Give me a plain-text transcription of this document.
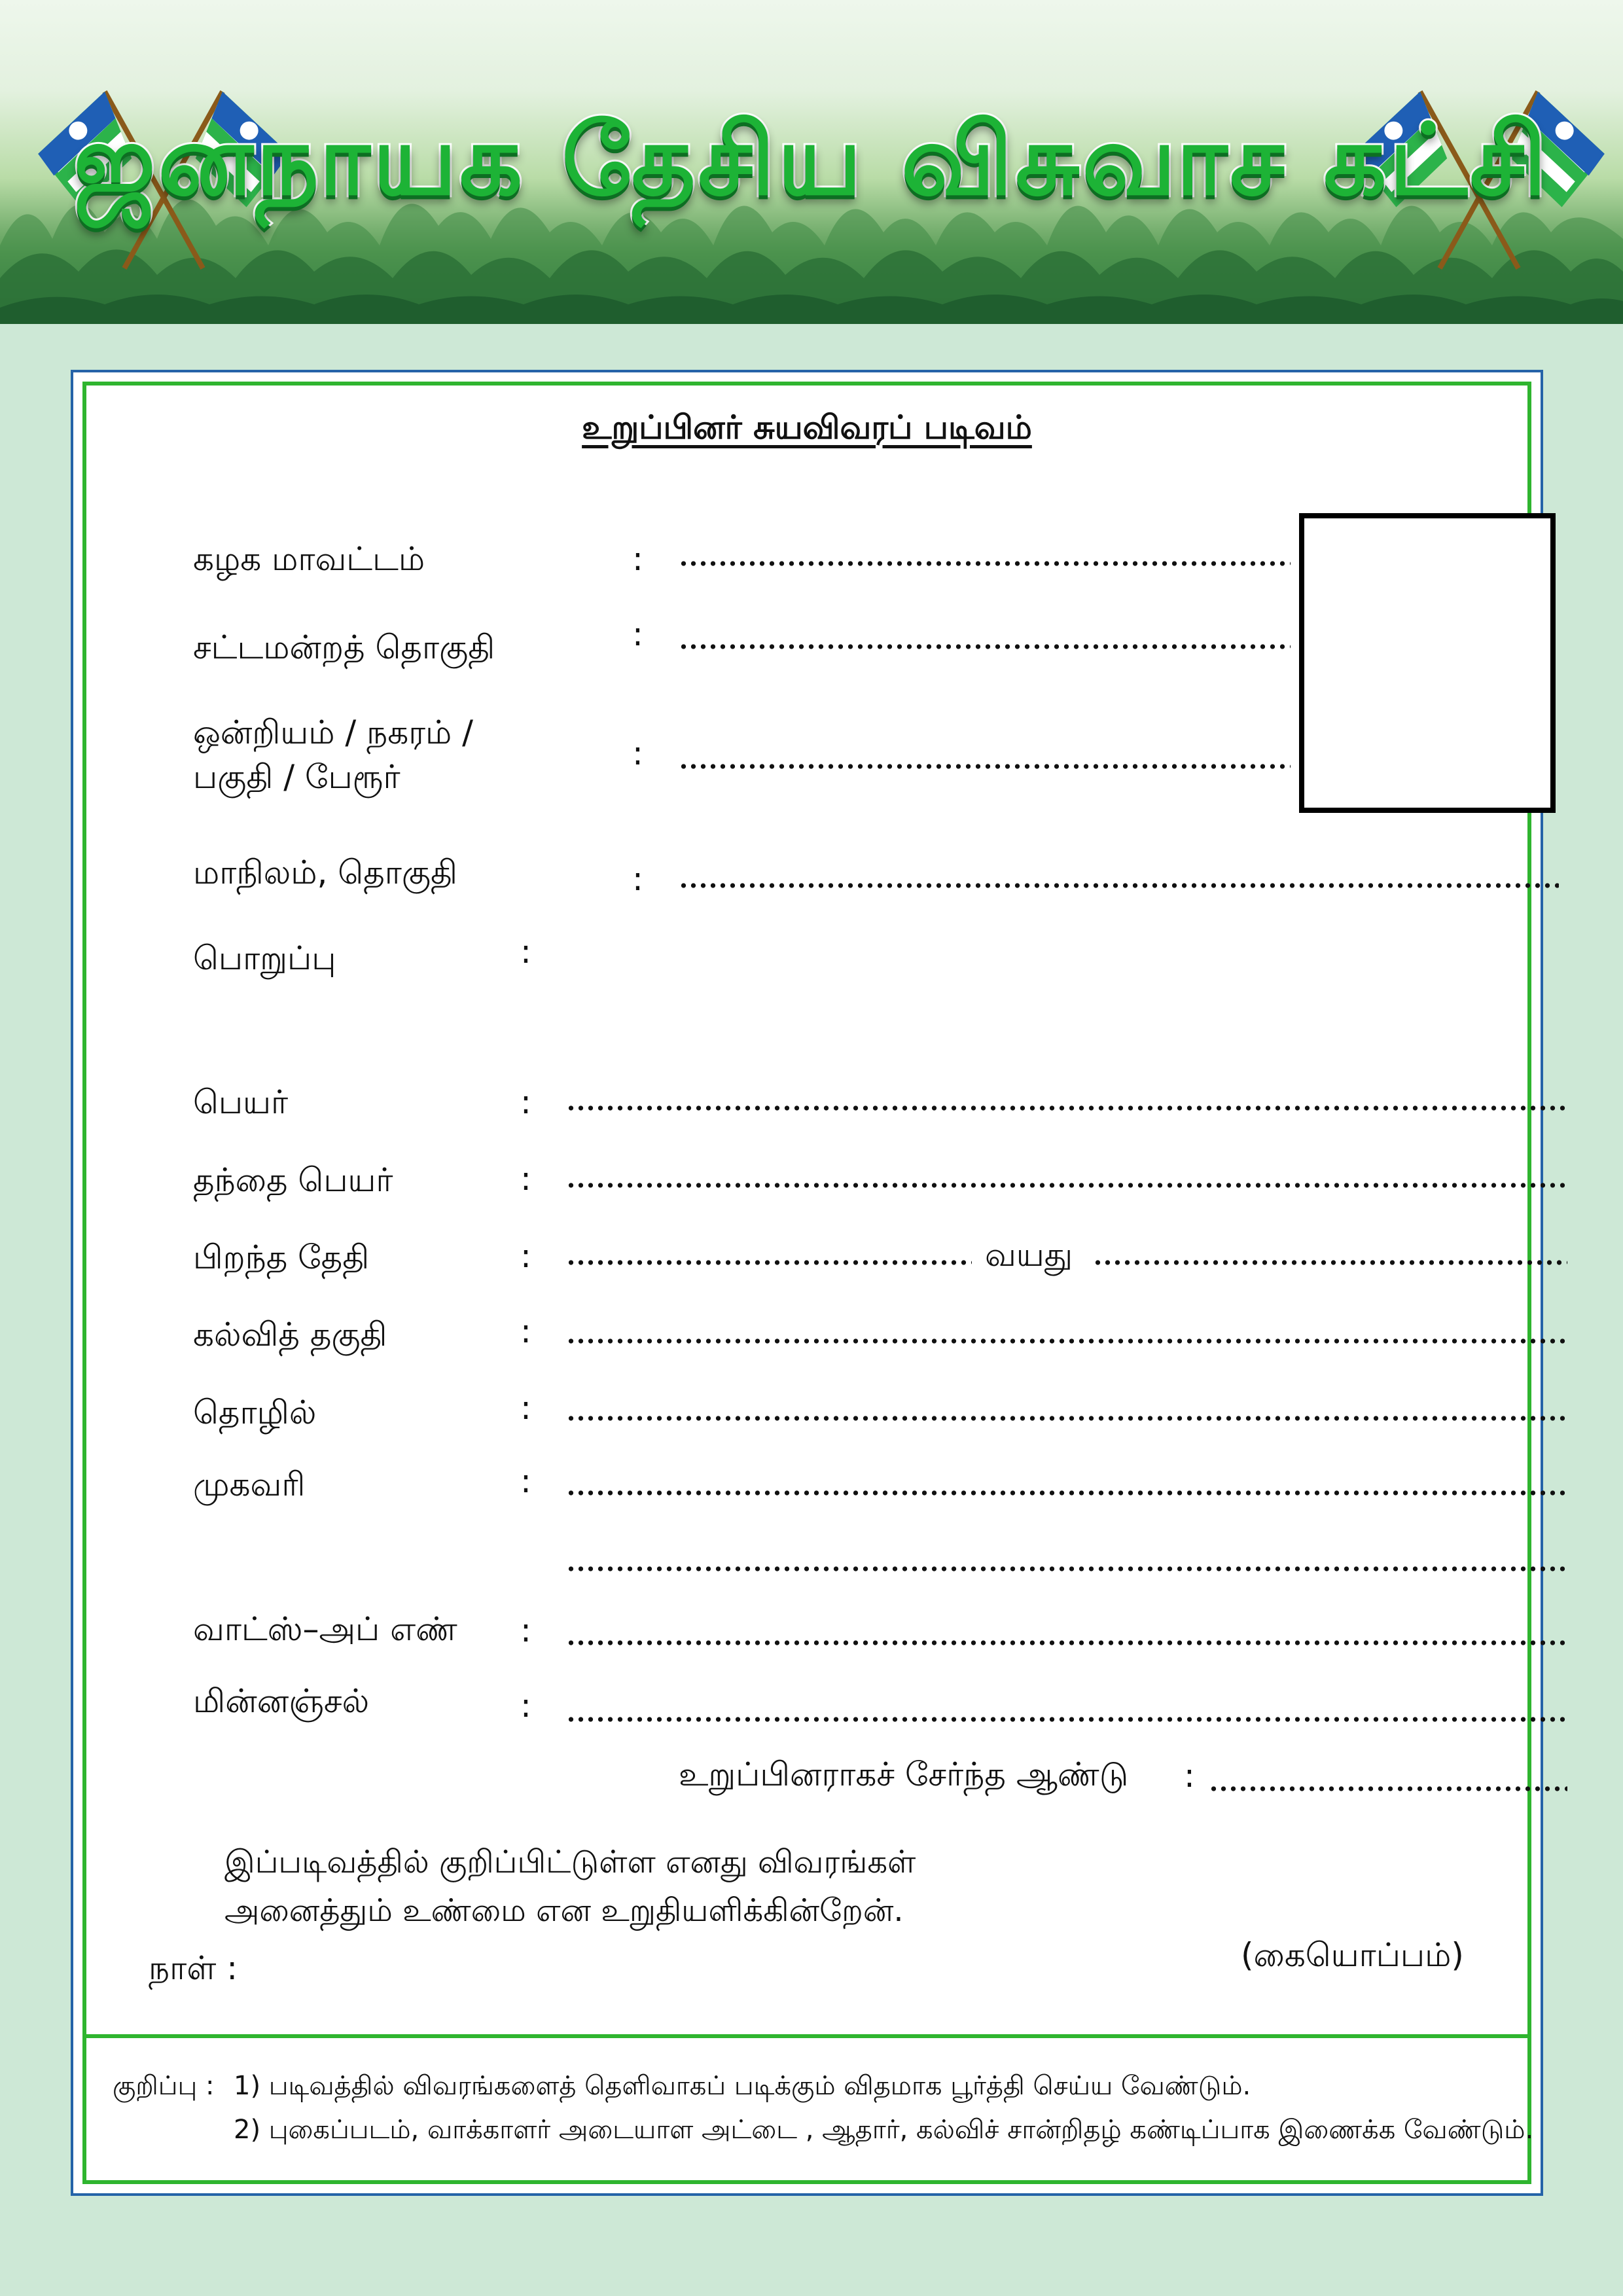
ஜனநாயக தேசிய விசுவாச கட்சி
உறுப்பினர் சுயவிவரப் படிவம்
கழக மாவட்டம்	:
சட்டமன்றத் தொகுதி	:
ஒன்றியம் / நகரம் /
பகுதி / பேரூர்
:
மாநிலம், தொகுதி	:
பொறுப்பு	:
பெயர்	:
தந்தை பெயர்	:
பிறந்த தேதி	:	வயது
கல்வித் தகுதி	:
தொழில்	:
முகவரி	:
வாட்ஸ்–அப் எண் :
மின்னஞ்சல்	:
உறுப்பினராகச் சேர்ந்த ஆண்டு :
இப்படிவத்தில் குறிப்பிட்டுள்ள எனது விவரங்கள்
அனைத்தும் உண்மை என உறுதியளிக்கின்றேன்.
நாள் :	(கையொப்பம்)
குறிப்பு : 1) படிவத்தில் விவரங்களைத் தெளிவாகப் படிக்கும் விதமாக பூர்த்தி செய்ய வேண்டும்.
2) புகைப்படம், வாக்காளர் அடையாள அட்டை , ஆதார், கல்விச் சான்றிதழ் கண்டிப்பாக இணைக்க வேண்டும்.
